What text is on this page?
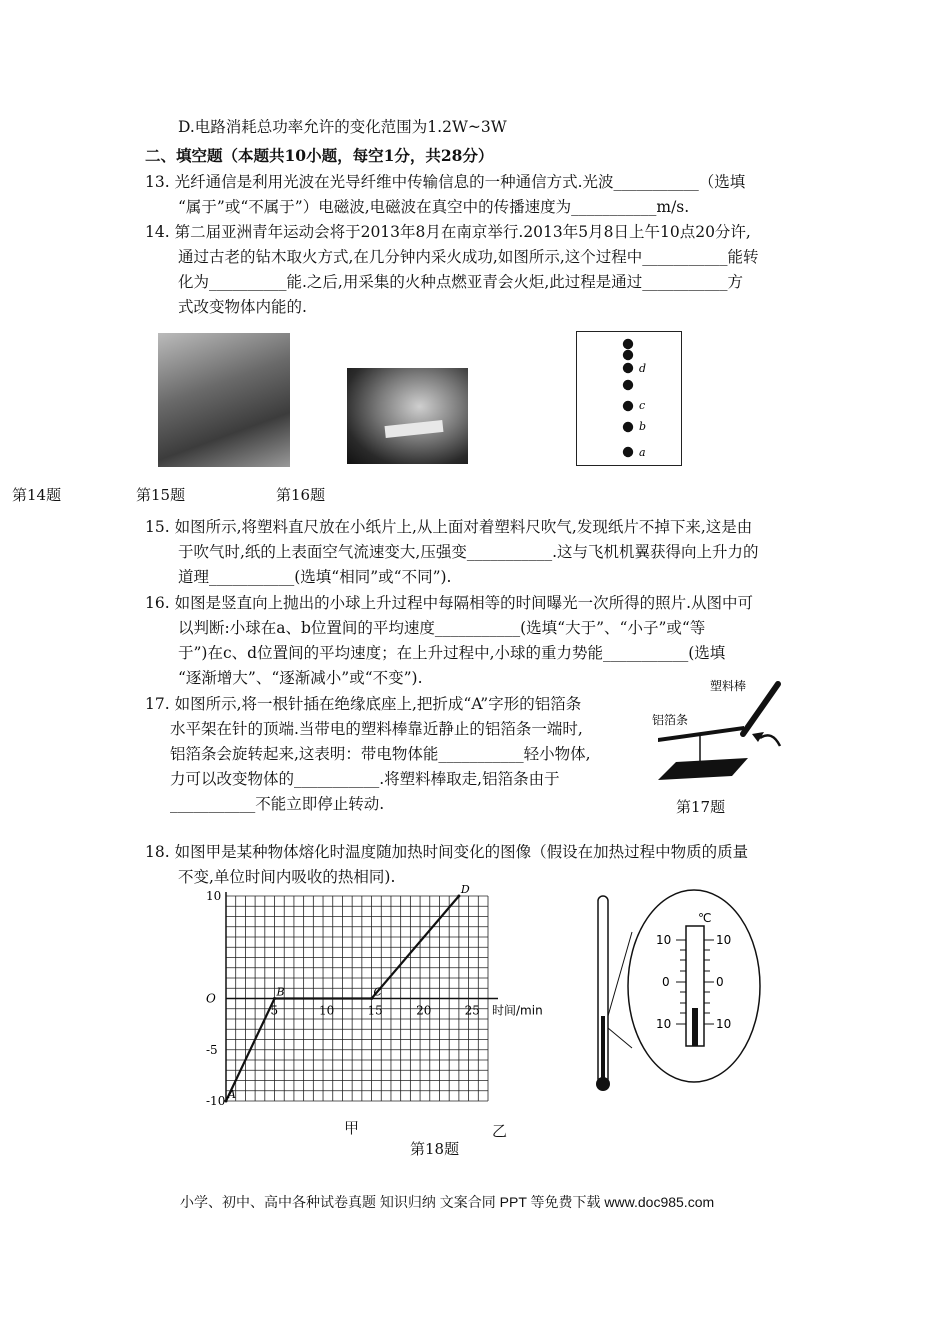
D.电路消耗总功率允许的变化范围为1.2W~3W
二、填空题（本题共10小题，每空1分，共28分）
13. 光纤通信是利用光波在光导纤维中传输信息的一种通信方式.光波___________（选填
“属于”或“不属于”）电磁波,电磁波在真空中的传播速度为___________m/s.
14. 第二届亚洲青年运动会将于2013年8月在南京举行.2013年5月8日上午10点20分许,
通过古老的钻木取火方式,在几分钟内采火成功,如图所示,这个过程中___________能转
化为__________能.之后,用采集的火种点燃亚青会火炬,此过程是通过___________方
式改变物体内能的.
d
c
b
a
第14题	第15题	第16题
15. 如图所示,将塑料直尺放在小纸片上,从上面对着塑料尺吹气,发现纸片不掉下来,这是由
于吹气时,纸的上表面空气流速变大,压强变___________.这与飞机机翼获得向上升力的
道理___________(选填“相同”或“不同”).
16. 如图是竖直向上抛出的小球上升过程中每隔相等的时间曝光一次所得的照片.从图中可
以判断:小球在a、b位置间的平均速度___________(选填“大于”、“小子”或“等
于”)在c、d位置间的平均速度；在上升过程中,小球的重力势能___________(选填
“逐渐增大”、“逐渐减小”或“不变”).
17. 如图所示,将一根针插在绝缘底座上,把折成“A”字形的铝箔条
水平架在针的顶端.当带电的塑料棒靠近静止的铝箔条一端时,
铝箔条会旋转起来,这表明：带电物体能___________轻小物体,
力可以改变物体的___________.将塑料棒取走,铝箔条由于
___________不能立即停止转动.
塑料棒
铝箔条
第17题
18. 如图甲是某种物体熔化时温度随加热时间变化的图像（假设在加热过程中物质的质量
不变,单位时间内吸收的热相同).
A
B	C
D
5	10	15	20	25
10
O
-5
-10
时间/min
甲
℃
10
0
10
10
0
10
乙
第18题
小学、初中、高中各种试卷真题 知识归纳 文案合同 PPT 等免费下载 www.doc985.com
